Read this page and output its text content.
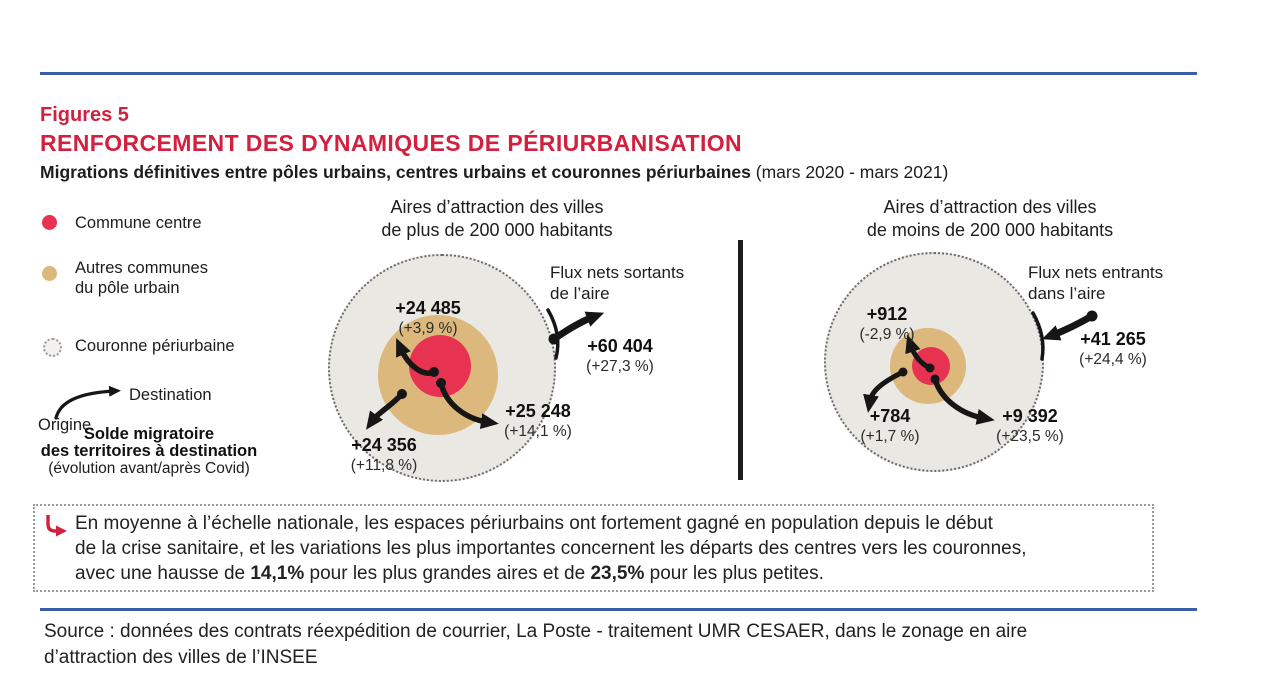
Figures 5
RENFORCEMENT DES DYNAMIQUES DE PÉRIURBANISATION
Migrations définitives entre pôles urbains, centres urbains et couronnes périurbaines (mars 2020 - mars 2021)
Commune centre
Autres communes
du pôle urbain
Couronne périurbaine
Destination
Origine
Solde migratoire
des territoires à destination
(évolution avant/après Covid)
Aires d’attraction des villes
de plus de 200 000 habitants
+24 485
(+3,9 %)
+25 248
(+14,1 %)
+24 356
(+11,8 %)
Flux nets sortants
de l’aire
+60 404
(+27,3 %)
Aires d’attraction des villes
de moins de 200 000 habitants
+912
(-2,9 %)
+784
(+1,7 %)
+9 392
(+23,5 %)
Flux nets entrants
dans l’aire
+41 265
(+24,4 %)
En moyenne à l’échelle nationale, les espaces périurbains ont fortement gagné en population depuis le début
de la crise sanitaire, et les variations les plus importantes concernent les départs des centres vers les couronnes,
avec une hausse de 14,1% pour les plus grandes aires et de 23,5% pour les plus petites.
Source : données des contrats réexpédition de courrier, La Poste - traitement UMR CESAER, dans le zonage en aire
d’attraction des villes de l’INSEE
